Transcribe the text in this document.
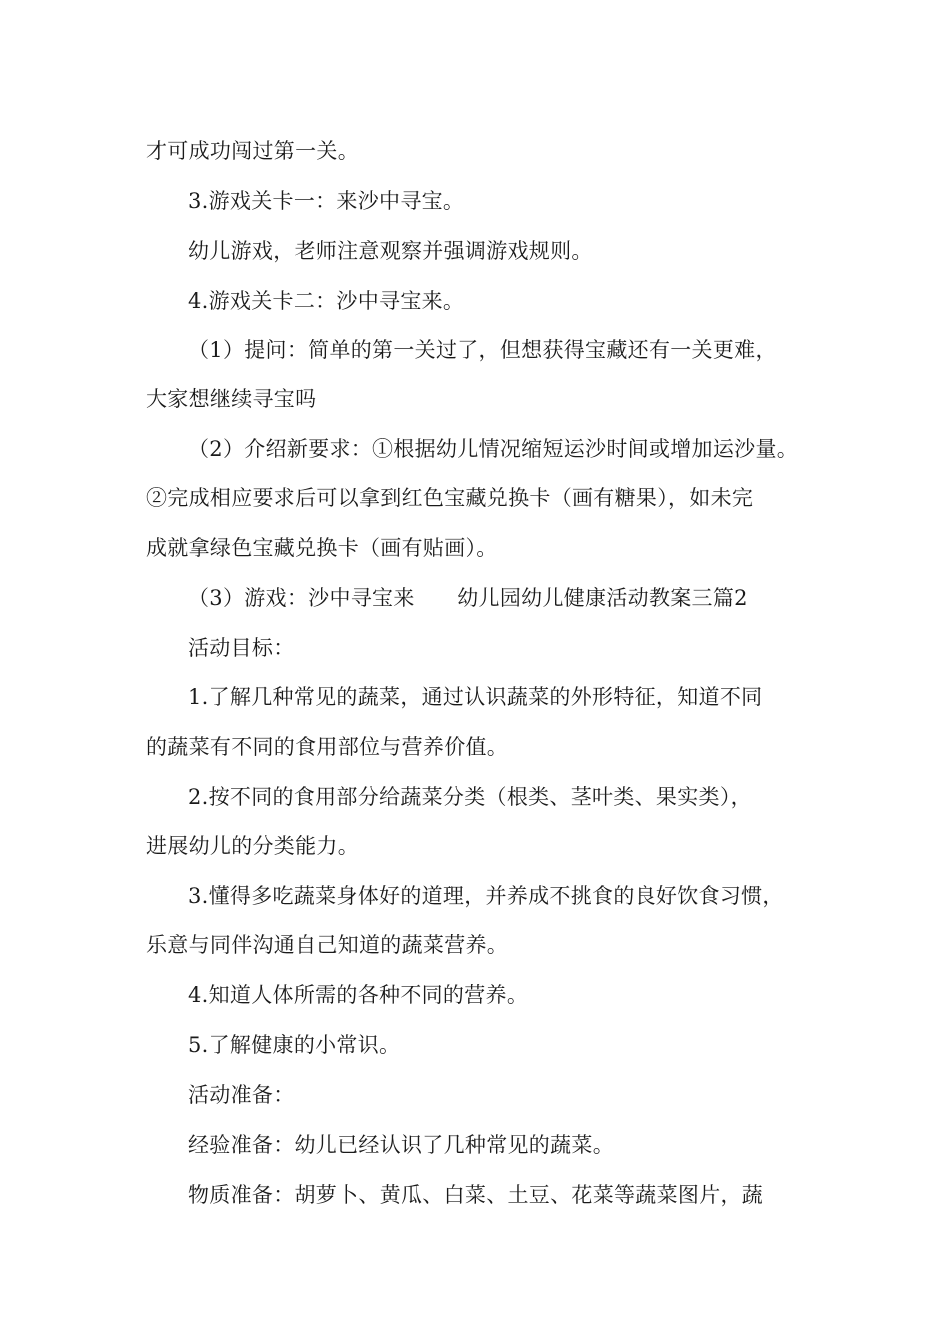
才可成功闯过第一关。
3.游戏关卡一：来沙中寻宝。
幼儿游戏，老师注意观察并强调游戏规则。
4.游戏关卡二：沙中寻宝来。
（1）提问：简单的第一关过了，但想获得宝藏还有一关更难，
大家想继续寻宝吗
（2）介绍新要求：①根据幼儿情况缩短运沙时间或增加运沙量。
②完成相应要求后可以拿到红色宝藏兑换卡（画有糖果），如未完
成就拿绿色宝藏兑换卡（画有贴画）。
（3）游戏：沙中寻宝来　　幼儿园幼儿健康活动教案三篇2
活动目标：
1.了解几种常见的蔬菜，通过认识蔬菜的外形特征，知道不同
的蔬菜有不同的食用部位与营养价值。
2.按不同的食用部分给蔬菜分类（根类、茎叶类、果实类），
进展幼儿的分类能力。
3.懂得多吃蔬菜身体好的道理，并养成不挑食的良好饮食习惯，
乐意与同伴沟通自己知道的蔬菜营养。
4.知道人体所需的各种不同的营养。
5.了解健康的小常识。
活动准备：
经验准备：幼儿已经认识了几种常见的蔬菜。
物质准备：胡萝卜、黄瓜、白菜、土豆、花菜等蔬菜图片，蔬
